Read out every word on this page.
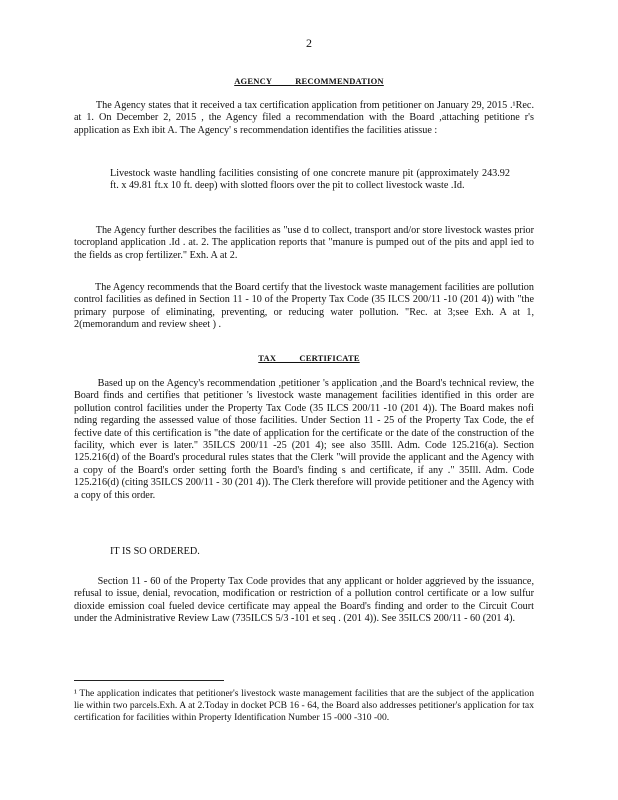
2
AGENCY          RECOMMENDATION
The Agency states that it received a tax certification application from petitioner on January 29, 2015 .¹Rec. at 1. On December 2, 2015 , the Agency filed a recommendation with the Board ,attaching petitione r's application as Exh ibit A. The Agency' s recommendation identifies the facilities atissue :
Livestock waste handling facilities consisting of one concrete manure pit (approximately 243.92 ft. x 49.81 ft.x 10 ft. deep) with slotted floors over the pit to collect livestock waste .Id.
The Agency further describes the facilities as "use d to collect, transport and/or store livestock wastes prior tocropland application .Id . at. 2. The application reports that "manure is pumped out of the pits and appl ied to the fields as crop fertilizer." Exh. A at 2.
The Agency recommends that the Board certify that the livestock waste management facilities are pollution control facilities as defined in Section 11 - 10 of the Property Tax Code (35 ILCS 200/11 -10 (201 4)) with "the primary purpose of eliminating, preventing, or reducing water pollution. "Rec. at 3;see Exh. A at 1, 2(memorandum and review sheet ) .
TAX          CERTIFICATE
Based up on the Agency's recommendation ,petitioner 's application ,and the Board's technical review, the Board finds and certifies that petitioner 's livestock waste management facilities identified in this order are pollution control facilities under the Property Tax Code (35 ILCS 200/11 -10 (201 4)). The Board makes nofi nding regarding the assessed value of those facilities. Under Section 11 - 25 of the Property Tax Code, the ef fective date of this certification is "the date of application for the certificate or the date of the construction of the facility, which ever is later." 35ILCS 200/11 -25 (201 4); see also 35Ill. Adm. Code 125.216(a). Section 125.216(d) of the Board's procedural rules states that the Clerk "will provide the applicant and the Agency with a copy of the Board's order setting forth the Board's finding s and certificate, if any ." 35Ill. Adm. Code 125.216(d) (citing 35ILCS 200/11 - 30 (201 4)). The Clerk therefore will provide petitioner and the Agency with a copy of this order.
IT IS SO ORDERED.
Section 11 - 60 of the Property Tax Code provides that any applicant or holder aggrieved by the issuance, refusal to issue, denial, revocation, modification or restriction of a pollution control certificate or a low sulfur dioxide emission coal fueled device certificate may appeal the Board's finding and order to the Circuit Court under the Administrative Review Law (735ILCS 5/3 -101 et seq . (201 4)). See 35ILCS 200/11 - 60 (201 4).
¹ The application indicates that petitioner's livestock waste management facilities that are the subject of the application lie within two parcels.Exh. A at 2.Today in docket PCB 16 - 64, the Board also addresses petitioner's application for tax certification for facilities within Property Identification Number 15 -000 -310 -00.
